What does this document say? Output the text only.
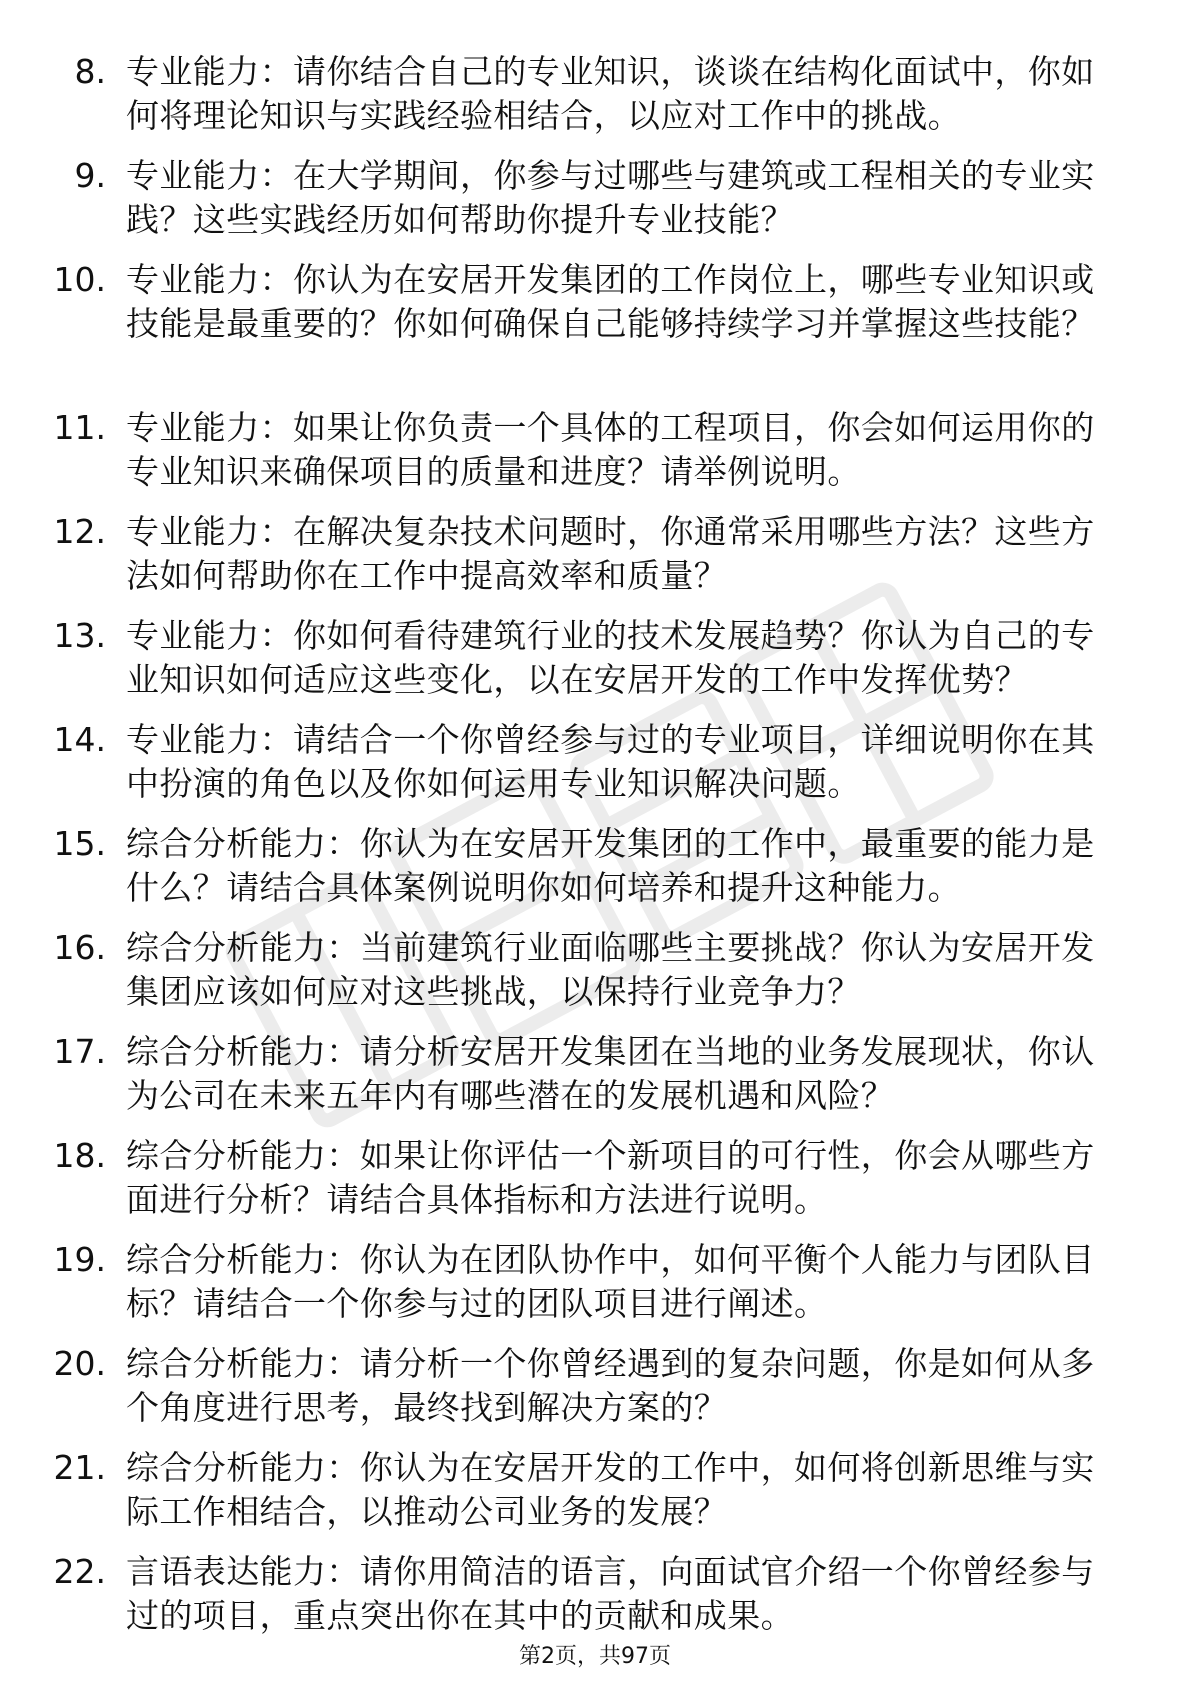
8. 专业能力：请你结合自己的专业知识，谈谈在结构化面试中，你如何将理论知识与实践经验相结合，以应对工作中的挑战。
9. 专业能力：在大学期间，你参与过哪些与建筑或工程相关的专业实践？这些实践经历如何帮助你提升专业技能？
10. 专业能力：你认为在安居开发集团的工作岗位上，哪些专业知识或技能是最重要的？你如何确保自己能够持续学习并掌握这些技能？
11. 专业能力：如果让你负责一个具体的工程项目，你会如何运用你的专业知识来确保项目的质量和进度？请举例说明。
12. 专业能力：在解决复杂技术问题时，你通常采用哪些方法？这些方法如何帮助你在工作中提高效率和质量？
13. 专业能力：你如何看待建筑行业的技术发展趋势？你认为自己的专业知识如何适应这些变化，以在安居开发的工作中发挥优势？
14. 专业能力：请结合一个你曾经参与过的专业项目，详细说明你在其中扮演的角色以及你如何运用专业知识解决问题。
15. 综合分析能力：你认为在安居开发集团的工作中，最重要的能力是什么？请结合具体案例说明你如何培养和提升这种能力。
16. 综合分析能力：当前建筑行业面临哪些主要挑战？你认为安居开发集团应该如何应对这些挑战，以保持行业竞争力？
17. 综合分析能力：请分析安居开发集团在当地的业务发展现状，你认为公司在未来五年内有哪些潜在的发展机遇和风险？
18. 综合分析能力：如果让你评估一个新项目的可行性，你会从哪些方面进行分析？请结合具体指标和方法进行说明。
19. 综合分析能力：你认为在团队协作中，如何平衡个人能力与团队目标？请结合一个你参与过的团队项目进行阐述。
20. 综合分析能力：请分析一个你曾经遇到的复杂问题，你是如何从多个角度进行思考，最终找到解决方案的？
21. 综合分析能力：你认为在安居开发的工作中，如何将创新思维与实际工作相结合，以推动公司业务的发展？
22. 言语表达能力：请你用简洁的语言，向面试官介绍一个你曾经参与过的项目，重点突出你在其中的贡献和成果。
第2页，共97页
